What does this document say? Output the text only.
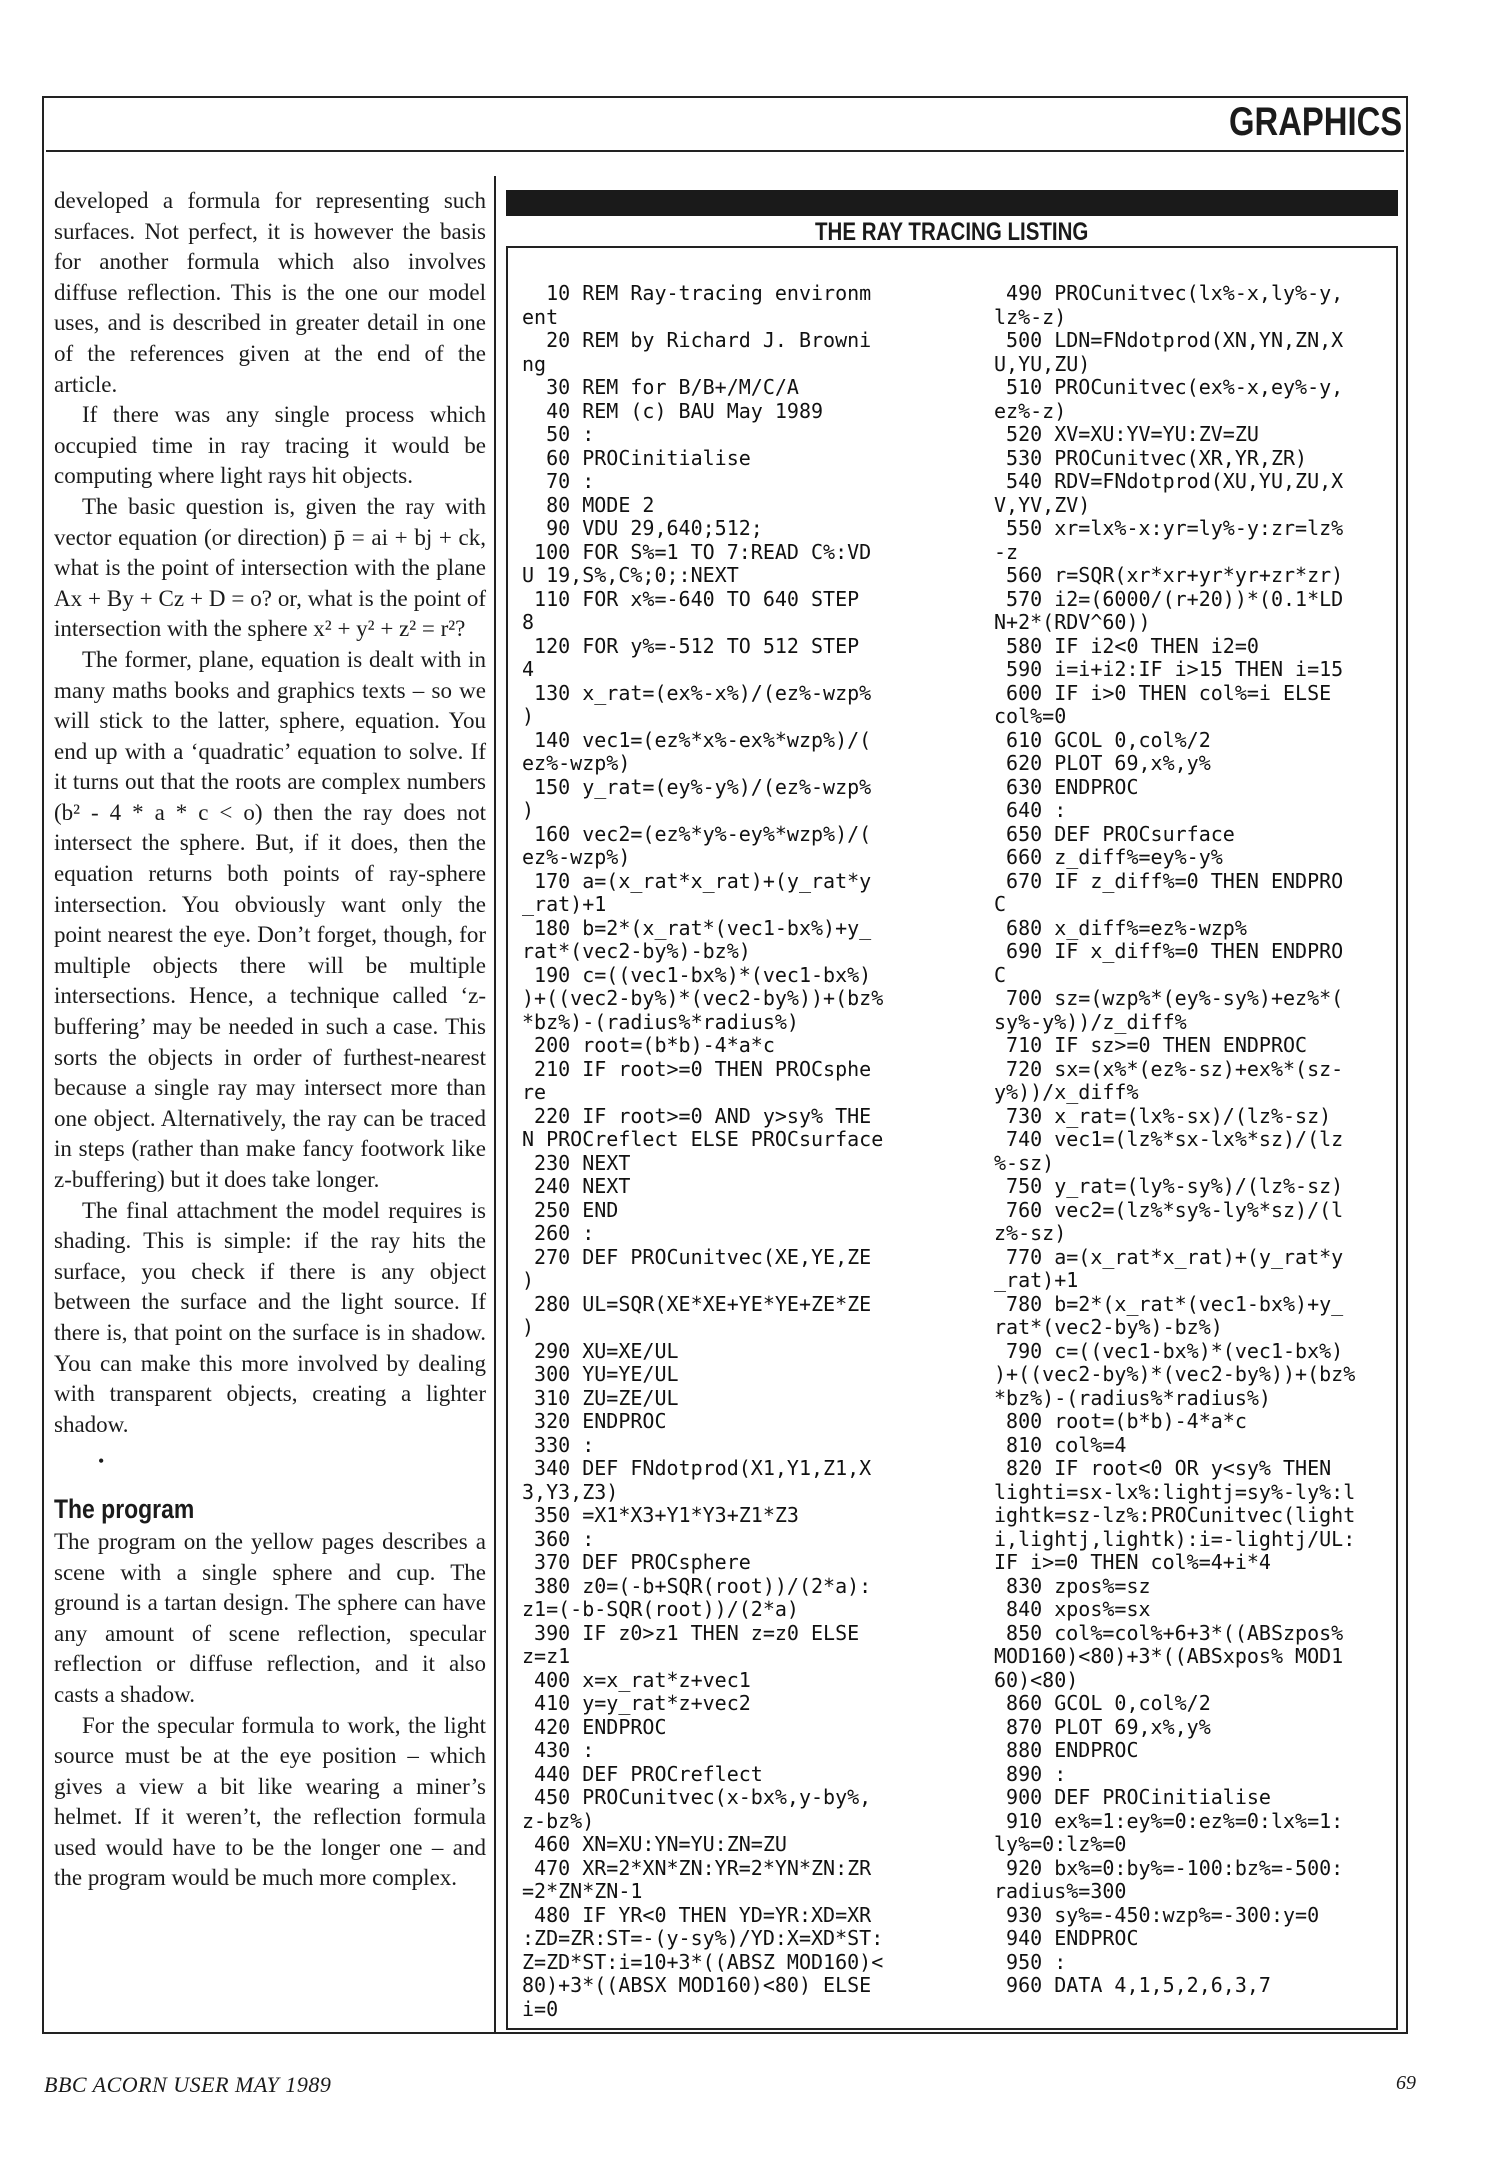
GRAPHICS

developed a formula for representing such surfaces. Not perfect, it is however the basis for another formula which also involves diffuse reflection. This is the one our model uses, and is described in greater detail in one of the references given at the end of the article.

If there was any single process which occupied time in ray tracing it would be computing where light rays hit objects.

The basic question is, given the ray with vector equation (or direction) p̄ = ai + bj + ck, what is the point of intersection with the plane Ax + By + Cz + D = o? or, what is the point of intersection with the sphere x² + y² + z² = r²?

The former, plane, equation is dealt with in many maths books and graphics texts – so we will stick to the latter, sphere, equation. You end up with a ‘quadratic’ equation to solve. If it turns out that the roots are complex numbers (b² - 4 * a * c < o) then the ray does not intersect the sphere. But, if it does, then the equation returns both points of ray-sphere intersection. You obviously want only the point nearest the eye. Don’t forget, though, for multiple objects there will be multiple intersections. Hence, a technique called ‘z-buffering’ may be needed in such a case. This sorts the objects in order of furthest-nearest because a single ray may intersect more than one object. Alternatively, the ray can be traced in steps (rather than make fancy footwork like z-buffering) but it does take longer.

The final attachment the model requires is shading. This is simple: if the ray hits the surface, you check if there is any object between the surface and the light source. If there is, that point on the surface is in shadow. You can make this more involved by dealing with transparent objects, creating a lighter shadow.

•
The program

The program on the yellow pages describes a scene with a single sphere and cup. The ground is a tartan design. The sphere can have any amount of scene reflection, specular reflection or diffuse reflection, and it also casts a shadow.

For the specular formula to work, the light source must be at the eye position – which gives a view a bit like wearing a miner’s helmet. If it weren’t, the reflection formula used would have to be the longer one – and the program would be much more complex.

THE RAY TRACING LISTING
10 REM Ray-tracing environm
ent
20 REM by Richard J. Browni
ng
30 REM for B/B+/M/C/A
40 REM (c) BAU May 1989
50 :
60 PROCinitialise
70 :
80 MODE 2
90 VDU 29,640;512;
100 FOR S%=1 TO 7:READ C%:VD
U 19,S%,C%;0;:NEXT
110 FOR x%=-640 TO 640 STEP
8
120 FOR y%=-512 TO 512 STEP
4
130 x_rat=(ex%-x%)/(ez%-wzp%
)
140 vec1=(ez%*x%-ex%*wzp%)/(
ez%-wzp%)
150 y_rat=(ey%-y%)/(ez%-wzp%
)
160 vec2=(ez%*y%-ey%*wzp%)/(
ez%-wzp%)
170 a=(x_rat*x_rat)+(y_rat*y
_rat)+1
180 b=2*(x_rat*(vec1-bx%)+y_
rat*(vec2-by%)-bz%)
190 c=((vec1-bx%)*(vec1-bx%)
)+((vec2-by%)*(vec2-by%))+(bz%
*bz%)-(radius%*radius%)
200 root=(b*b)-4*a*c
210 IF root>=0 THEN PROCsphe
re
220 IF root>=0 AND y>sy% THE
N PROCreflect ELSE PROCsurface
230 NEXT
240 NEXT
250 END
260 :
270 DEF PROCunitvec(XE,YE,ZE
)
280 UL=SQR(XE*XE+YE*YE+ZE*ZE
)
290 XU=XE/UL
300 YU=YE/UL
310 ZU=ZE/UL
320 ENDPROC
330 :
340 DEF FNdotprod(X1,Y1,Z1,X
3,Y3,Z3)
350 =X1*X3+Y1*Y3+Z1*Z3
360 :
370 DEF PROCsphere
380 z0=(-b+SQR(root))/(2*a):
z1=(-b-SQR(root))/(2*a)
390 IF z0>z1 THEN z=z0 ELSE
z=z1
400 x=x_rat*z+vec1
410 y=y_rat*z+vec2
420 ENDPROC
430 :
440 DEF PROCreflect
450 PROCunitvec(x-bx%,y-by%,
z-bz%)
460 XN=XU:YN=YU:ZN=ZU
470 XR=2*XN*ZN:YR=2*YN*ZN:ZR
=2*ZN*ZN-1
480 IF YR<0 THEN YD=YR:XD=XR
:ZD=ZR:ST=-(y-sy%)/YD:X=XD*ST:
Z=ZD*ST:i=10+3*((ABSZ MOD160)<
80)+3*((ABSX MOD160)<80) ELSE
i=0
490 PROCunitvec(lx%-x,ly%-y,
lz%-z)
500 LDN=FNdotprod(XN,YN,ZN,X
U,YU,ZU)
510 PROCunitvec(ex%-x,ey%-y,
ez%-z)
520 XV=XU:YV=YU:ZV=ZU
530 PROCunitvec(XR,YR,ZR)
540 RDV=FNdotprod(XU,YU,ZU,X
V,YV,ZV)
550 xr=lx%-x:yr=ly%-y:zr=lz%
-z
560 r=SQR(xr*xr+yr*yr+zr*zr)
570 i2=(6000/(r+20))*(0.1*LD
N+2*(RDV^60))
580 IF i2<0 THEN i2=0
590 i=i+i2:IF i>15 THEN i=15
600 IF i>0 THEN col%=i ELSE
col%=0
610 GCOL 0,col%/2
620 PLOT 69,x%,y%
630 ENDPROC
640 :
650 DEF PROCsurface
660 z_diff%=ey%-y%
670 IF z_diff%=0 THEN ENDPRO
C
680 x_diff%=ez%-wzp%
690 IF x_diff%=0 THEN ENDPRO
C
700 sz=(wzp%*(ey%-sy%)+ez%*(
sy%-y%))/z_diff%
710 IF sz>=0 THEN ENDPROC
720 sx=(x%*(ez%-sz)+ex%*(sz-
y%))/x_diff%
730 x_rat=(lx%-sx)/(lz%-sz)
740 vec1=(lz%*sx-lx%*sz)/(lz
%-sz)
750 y_rat=(ly%-sy%)/(lz%-sz)
760 vec2=(lz%*sy%-ly%*sz)/(l
z%-sz)
770 a=(x_rat*x_rat)+(y_rat*y
_rat)+1
780 b=2*(x_rat*(vec1-bx%)+y_
rat*(vec2-by%)-bz%)
790 c=((vec1-bx%)*(vec1-bx%)
)+((vec2-by%)*(vec2-by%))+(bz%
*bz%)-(radius%*radius%)
800 root=(b*b)-4*a*c
810 col%=4
820 IF root<0 OR y<sy% THEN
lighti=sx-lx%:lightj=sy%-ly%:l
ightk=sz-lz%:PROCunitvec(light
i,lightj,lightk):i=-lightj/UL:
IF i>=0 THEN col%=4+i*4
830 zpos%=sz
840 xpos%=sx
850 col%=col%+6+3*((ABSzpos%
MOD160)<80)+3*((ABSxpos% MOD1
60)<80)
860 GCOL 0,col%/2
870 PLOT 69,x%,y%
880 ENDPROC
890 :
900 DEF PROCinitialise
910 ex%=1:ey%=0:ez%=0:lx%=1:
ly%=0:lz%=0
920 bx%=0:by%=-100:bz%=-500:
radius%=300
930 sy%=-450:wzp%=-300:y=0
940 ENDPROC
950 :
960 DATA 4,1,5,2,6,3,7
BBC ACORN USER MAY 1989	69
